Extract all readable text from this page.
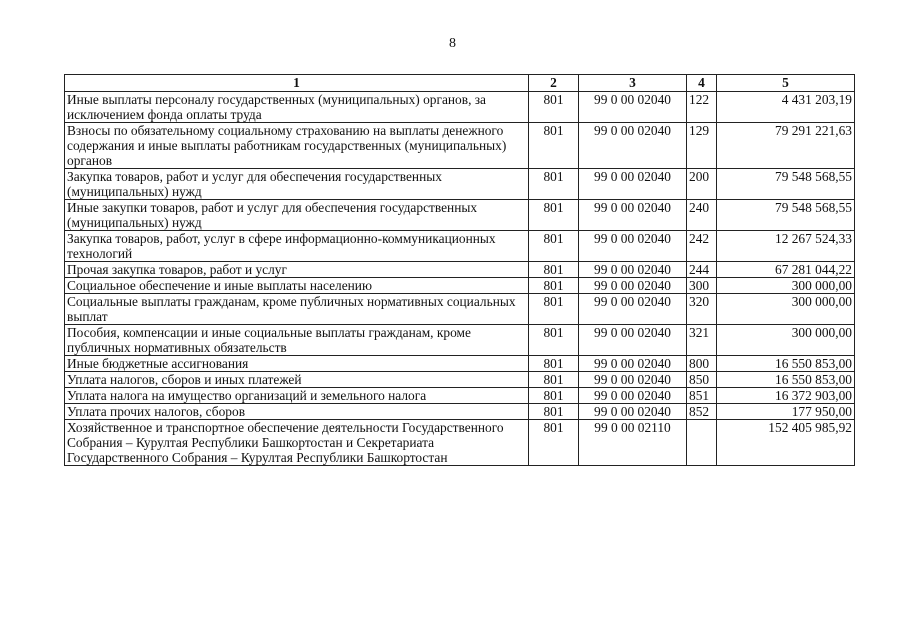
8
1	2	3	4	5
Иные выплаты персоналу государственных (муниципальных) органов, за исключением фонда оплаты труда	801	99 0 00 02040	122	4 431 203,19
Взносы по обязательному социальному страхованию на выплаты денежного содержания и иные выплаты работникам государственных (муниципальных) органов	801	99 0 00 02040	129	79 291 221,63
Закупка товаров, работ и услуг для обеспечения государственных (муниципальных) нужд	801	99 0 00 02040	200	79 548 568,55
Иные закупки товаров, работ и услуг для обеспечения государственных (муниципальных) нужд	801	99 0 00 02040	240	79 548 568,55
Закупка товаров, работ, услуг в сфере информационно-коммуникационных технологий	801	99 0 00 02040	242	12 267 524,33
Прочая закупка товаров, работ и услуг	801	99 0 00 02040	244	67 281 044,22
Социальное обеспечение и иные выплаты населению	801	99 0 00 02040	300	300 000,00
Социальные выплаты гражданам, кроме публичных нормативных социальных выплат	801	99 0 00 02040	320	300 000,00
Пособия, компенсации и иные социальные выплаты гражданам, кроме публичных нормативных обязательств	801	99 0 00 02040	321	300 000,00
Иные бюджетные ассигнования	801	99 0 00 02040	800	16 550 853,00
Уплата налогов, сборов и иных платежей	801	99 0 00 02040	850	16 550 853,00
Уплата налога на имущество организаций и земельного налога	801	99 0 00 02040	851	16 372 903,00
Уплата прочих налогов, сборов	801	99 0 00 02040	852	177 950,00
Хозяйственное и транспортное обеспечение деятельности Государственного Собрания – Курултая Республики Башкортостан и Секретариата Государственного Собрания – Курултая Республики Башкортостан	801	99 0 00 02110		152 405 985,92
